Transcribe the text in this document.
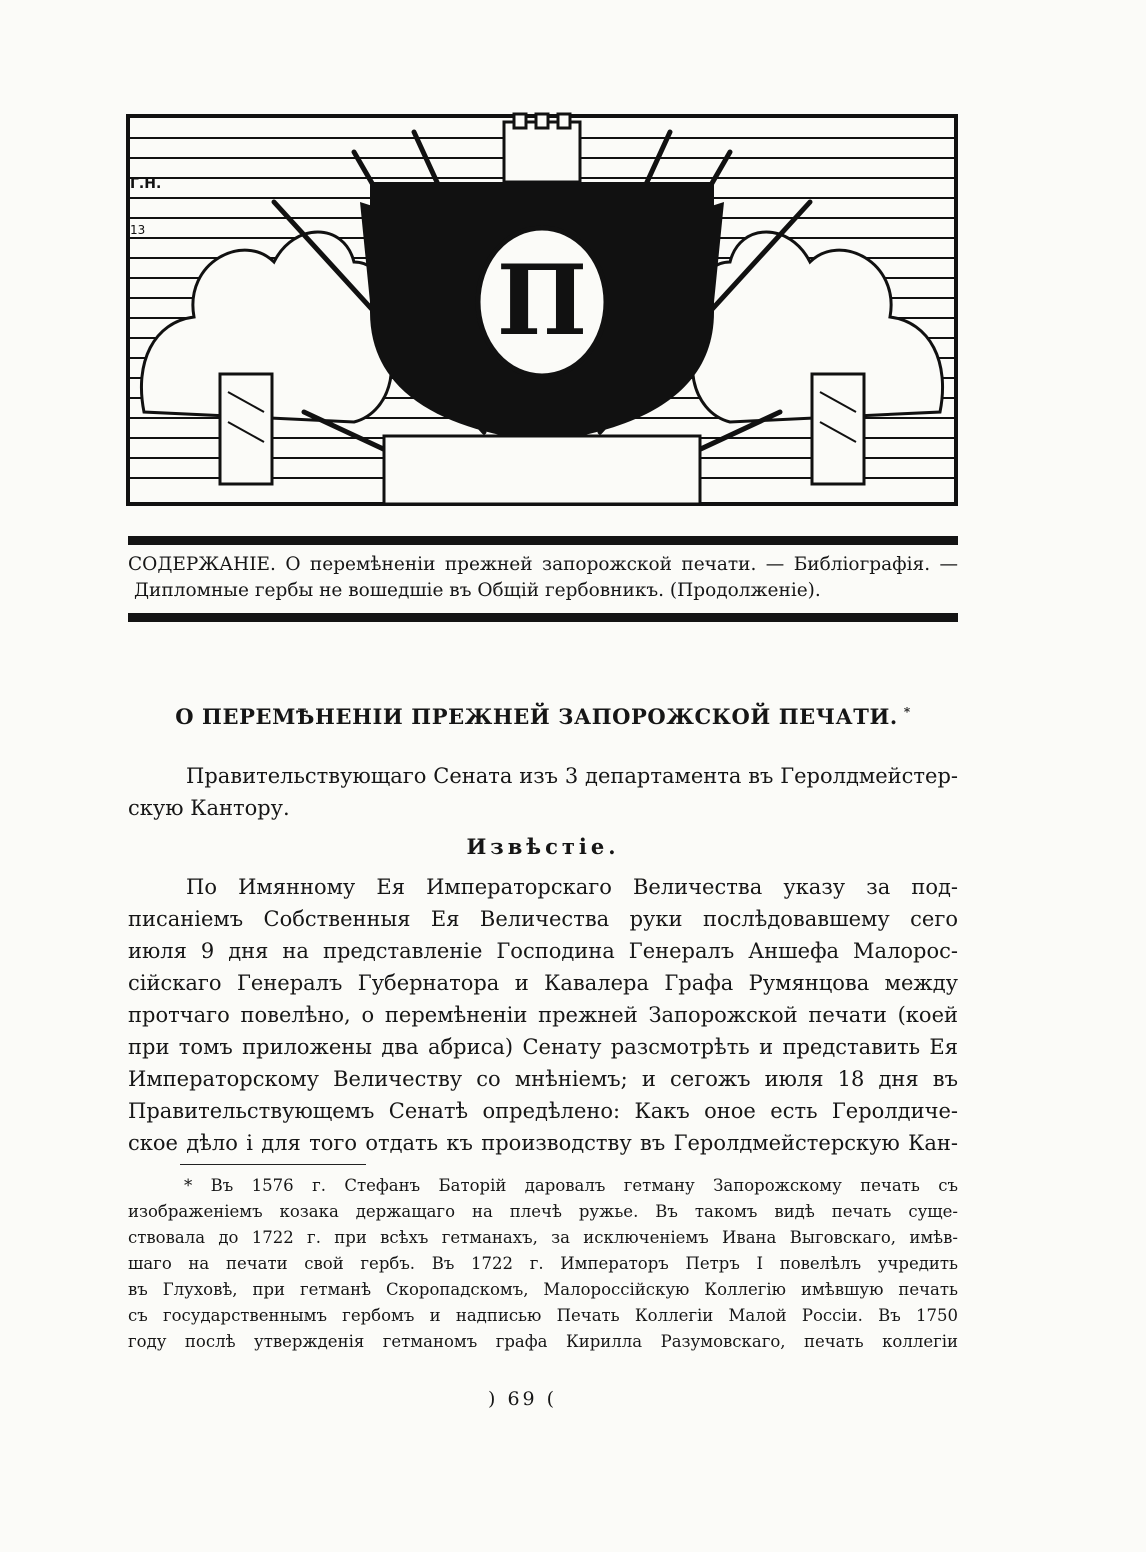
Г.Н.
13
П

СОДЕРЖАНІЕ. О перемѣненіи прежней запорожской печати. — Библіографія. —
Дипломные гербы не вошедшіе въ Общій гербовникъ. (Продолженіе).

О ПЕРЕМѢНЕНІИ ПРЕЖНЕЙ ЗАПОРОЖСКОЙ ПЕЧАТИ. *

Правительствующаго Сената изъ 3 департамента въ Геролдмейстер-

скую Кантору.

Извѣстіе.

По Имянному Ея Императорскаго Величества указу за под-

писаніемъ Собственныя Ея Величества руки послѣдовавшему сего

июля 9 дня на представленіе Господина Генералъ Аншефа Малорос-

сійскаго Генералъ Губернатора и Кавалера Графа Румянцова между

протчаго повелѣно, о перемѣненіи прежней Запорожской печати (коей

при томъ приложены два абриса) Сенату разсмотрѣть и представить Ея

Императорскому Величеству со мнѣніемъ; и сегожъ июля 18 дня въ

Правительствующемъ Сенатѣ опредѣлено: Какъ оное есть Геролдиче-

ское дѣло і для того отдать къ производству въ Геролдмейстерскую Кан-

* Въ 1576 г. Стефанъ Баторій даровалъ гетману Запорожскому печать съ

изображеніемъ козака держащаго на плечѣ ружье. Въ такомъ видѣ печать суще-

ствовала до 1722 г. при всѣхъ гетманахъ, за исключеніемъ Ивана Выговскаго, имѣв-

шаго на печати свой гербъ. Въ 1722 г. Императоръ Петръ I повелѣлъ учредить

въ Глуховѣ, при гетманѣ Скоропадскомъ, Малороссійскую Коллегію имѣвшую печать

съ государственнымъ гербомъ и надписью Печать Коллегіи Малой Россіи. Въ 1750

году послѣ утвержденія гетманомъ графа Кирилла Разумовскаго, печать коллегіи

) 69 (
